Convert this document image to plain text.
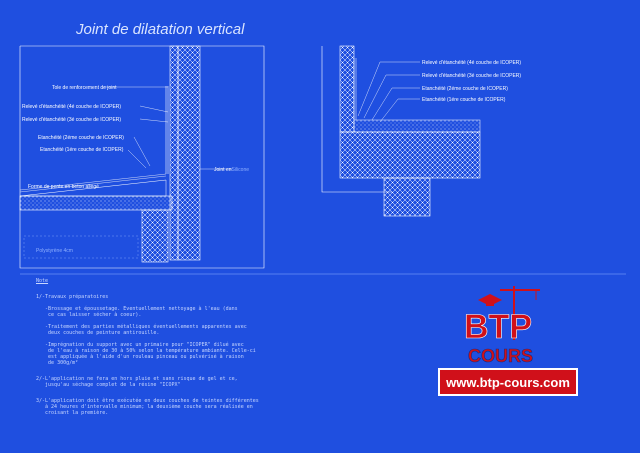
Joint de dilatation vertical
Tole de renforcement de joint
Relevé d'étanchéité (4é couche de ICOPER)
Relevé d'étanchéité (3é couche de ICOPER)
Etanchéité (2éme couche de ICOPER)
Etanchéité (1ére couche de ICOPER)
Joint enSilicone
Forme de pente en beton allégé
Polystyrène 4cm
Relevé d'étanchéité (4é couche de ICOPER)
Relevé d'étanchéité (3é couche de ICOPER)
Etanchéité (2éme couche de ICOPER)
Etanchéité (1ére couche de ICOPER)
BTP
COURS
Note
1/-Travaux préparatoires
-Brossage et époussetage. Eventuellement nettoyage à l'eau (dans
ce cas laisser sécher à coeur).
-Traitement des parties métalliques éventuellements apparentes avec
deux couches de peinture antirouille.
-Imprégnation du support avec un primaire pour "ICOPER" dilué avec
de l'eau à raison de 30 à 50% selon la température ambiante. Celle-ci
est appliquée à l'aide d'un rouleau pinceau ou pulvérisé à raison
de 300g/m²
2/-L'application ne fera en hors pluie et sans risque de gel et ce,
jusqu'au séchage complet de la résine "ICOPX"
3/-L'application doit être exécutée en deux couches de teintes différentes
à 24 heures d'intervalle minimum; la deuxième couche sera réalisée en
croisant la première.
www.btp-cours.com
